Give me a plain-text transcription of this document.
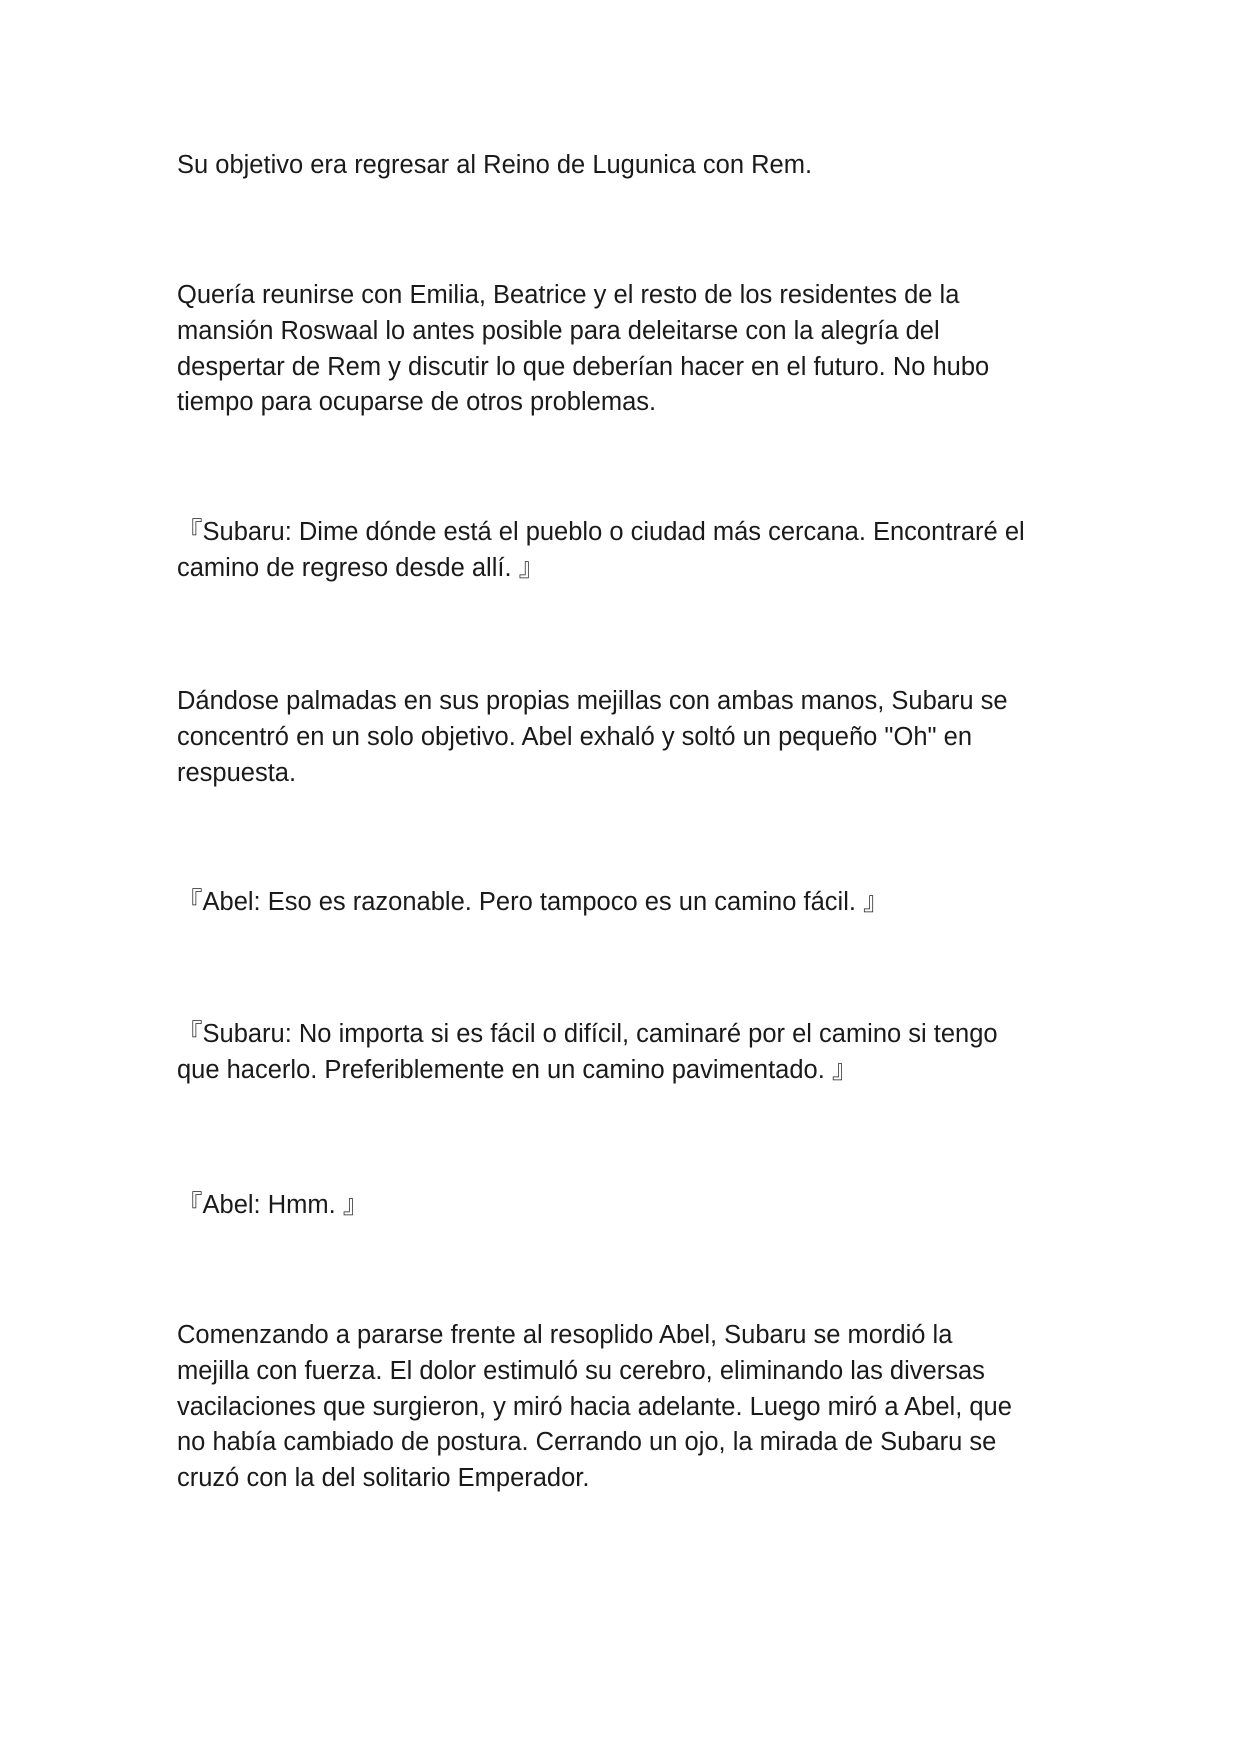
Su objetivo era regresar al Reino de Lugunica con Rem.

Quería reunirse con Emilia, Beatrice y el resto de los residentes de la
mansión Roswaal lo antes posible para deleitarse con la alegría del
despertar de Rem y discutir lo que deberían hacer en el futuro. No hubo
tiempo para ocuparse de otros problemas.

『Subaru: Dime dónde está el pueblo o ciudad más cercana. Encontraré el
camino de regreso desde allí. 』

Dándose palmadas en sus propias mejillas con ambas manos, Subaru se
concentró en un solo objetivo. Abel exhaló y soltó un pequeño "Oh" en
respuesta.

『Abel: Eso es razonable. Pero tampoco es un camino fácil. 』

『Subaru: No importa si es fácil o difícil, caminaré por el camino si tengo
que hacerlo. Preferiblemente en un camino pavimentado. 』

『Abel: Hmm. 』

Comenzando a pararse frente al resoplido Abel, Subaru se mordió la
mejilla con fuerza. El dolor estimuló su cerebro, eliminando las diversas
vacilaciones que surgieron, y miró hacia adelante. Luego miró a Abel, que
no había cambiado de postura. Cerrando un ojo, la mirada de Subaru se
cruzó con la del solitario Emperador.
